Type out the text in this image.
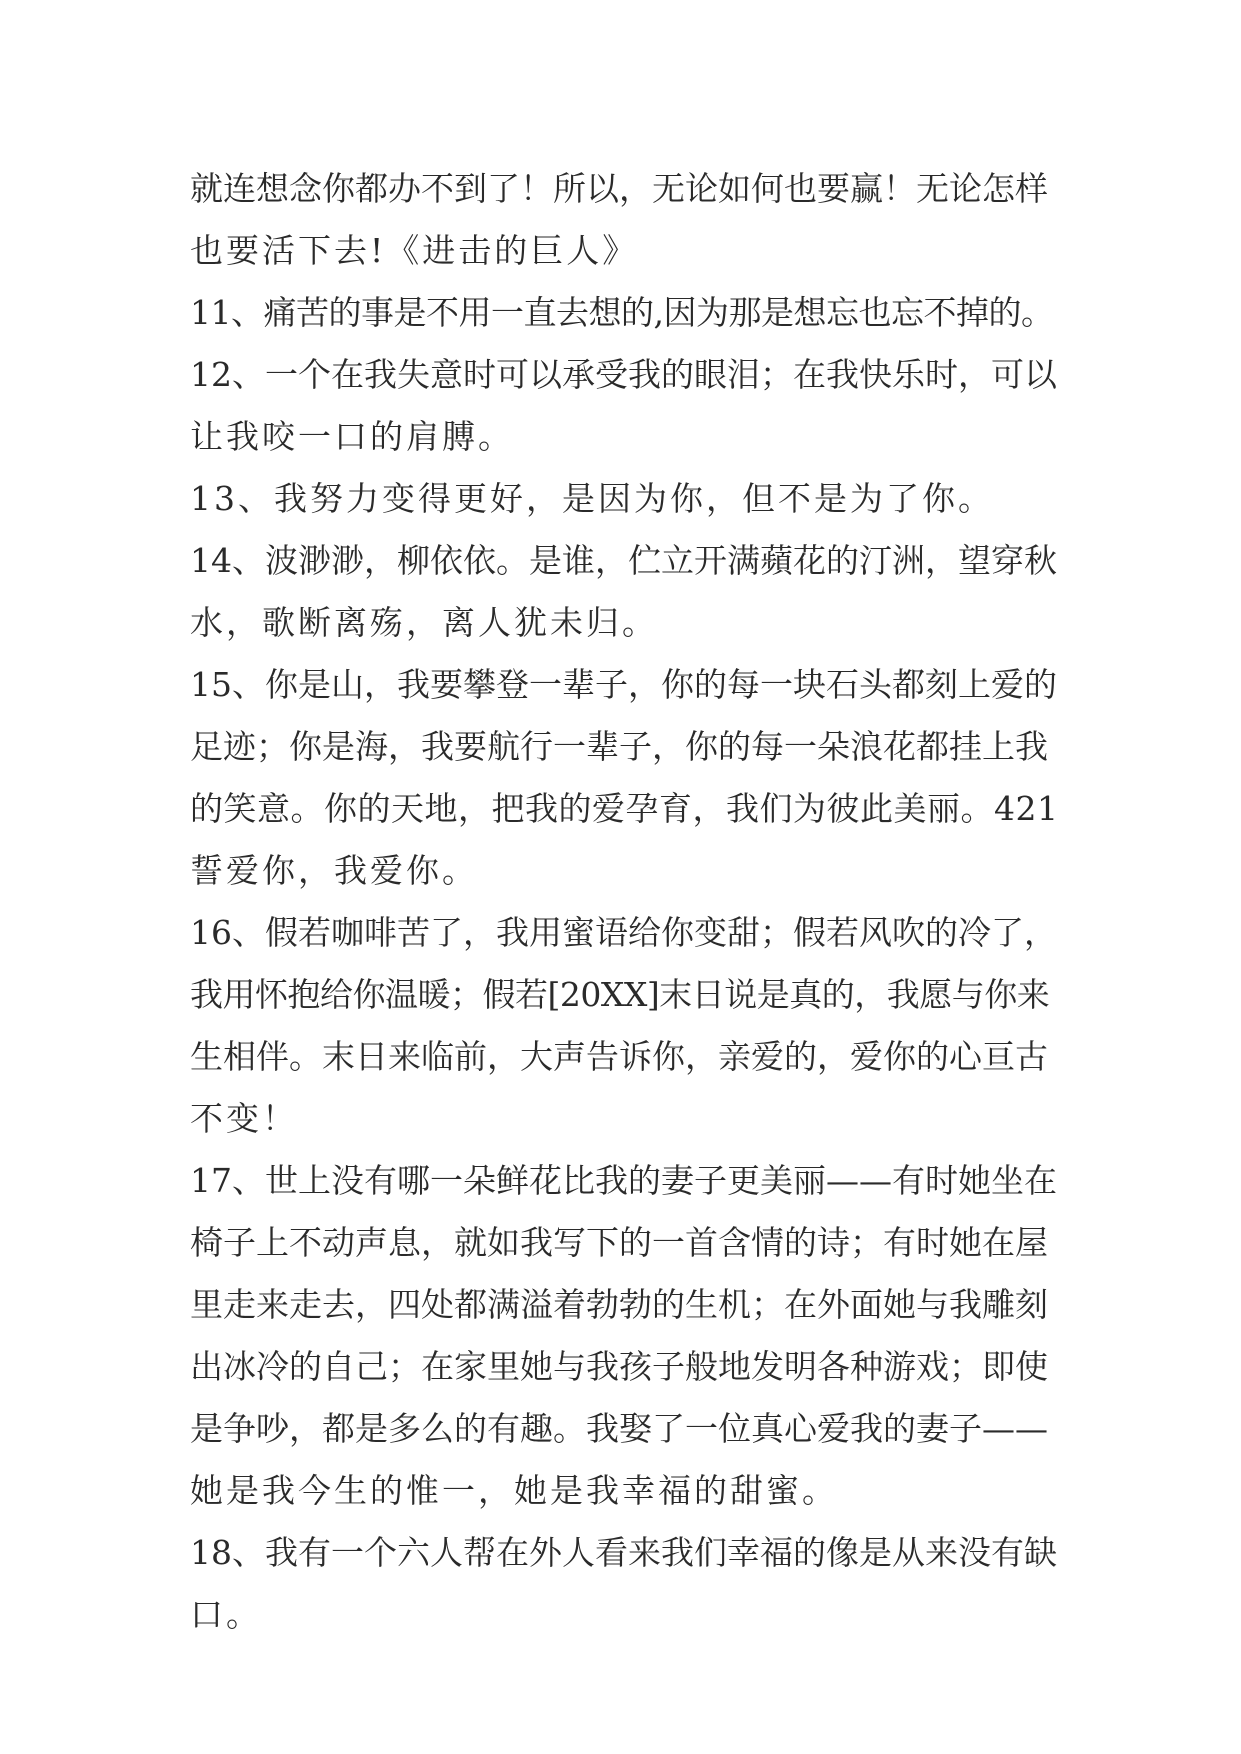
就连想念你都办不到了！所以，无论如何也要赢！无论怎样
也要活下去!《进击的巨人》
11、痛苦的事是不用一直去想的,因为那是想忘也忘不掉的。
12、一个在我失意时可以承受我的眼泪；在我快乐时，可以
让我咬一口的肩膊。
13、我努力变得更好，是因为你，但不是为了你。
14、波渺渺，柳依依。是谁，伫立开满蘋花的汀洲，望穿秋
水，歌断离殇，离人犹未归。
15、你是山，我要攀登一辈子，你的每一块石头都刻上爱的
足迹；你是海，我要航行一辈子，你的每一朵浪花都挂上我
的笑意。你的天地，把我的爱孕育，我们为彼此美丽。421
誓爱你，我爱你。
16、假若咖啡苦了，我用蜜语给你变甜；假若风吹的冷了，
我用怀抱给你温暖；假若[20XX]末日说是真的，我愿与你来
生相伴。末日来临前，大声告诉你，亲爱的，爱你的心亘古
不变！
17、世上没有哪一朵鲜花比我的妻子更美丽——有时她坐在
椅子上不动声息，就如我写下的一首含情的诗；有时她在屋
里走来走去，四处都满溢着勃勃的生机；在外面她与我雕刻
出冰冷的自己；在家里她与我孩子般地发明各种游戏；即使
是争吵，都是多么的有趣。我娶了一位真心爱我的妻子——
她是我今生的惟一，她是我幸福的甜蜜。
18、我有一个六人帮在外人看来我们幸福的像是从来没有缺
口。
